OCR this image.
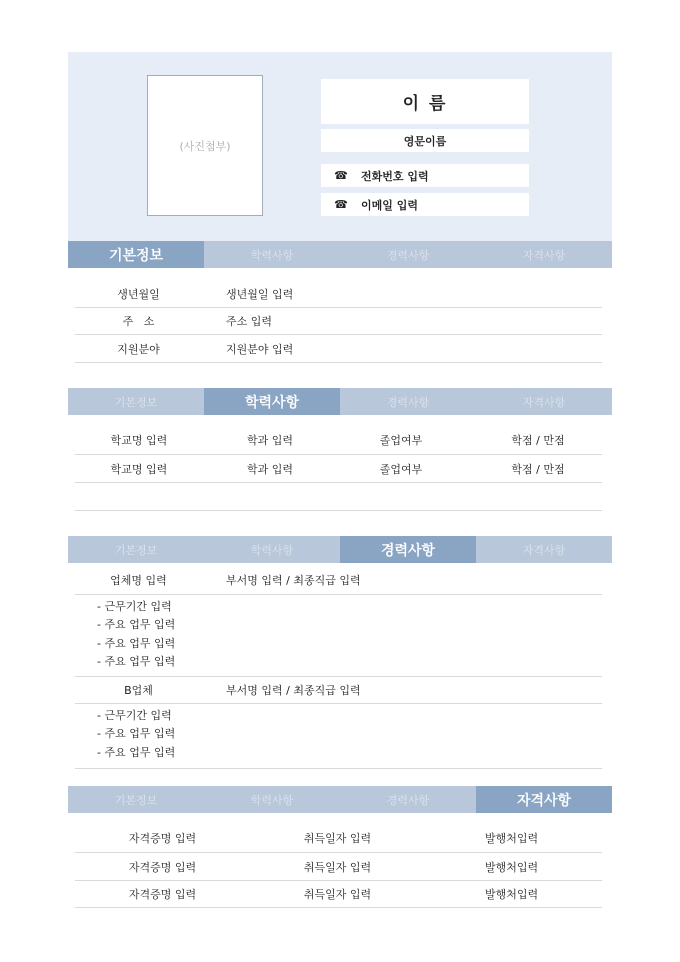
(사진첨부)
이 름
영문이름
☎	전화번호 입력
☎	이메일 입력
기본정보	학력사항	경력사항	자격사항
생년월일	생년월일 입력
주   소	주소 입력
지원분야	지원분야 입력
기본정보	학력사항	경력사항	자격사항
학교명 입력	학과 입력	졸업여부	학점 / 만점
학교명 입력	학과 입력	졸업여부	학점 / 만점
기본정보	학력사항	경력사항	자격사항
업체명 입력	부서명 입력 / 최종직급 입력
- 근무기간 입력
- 주요 업무 입력
- 주요 업무 입력
- 주요 업무 입력
B업체	부서명 입력 / 최종직급 입력
- 근무기간 입력
- 주요 업무 입력
- 주요 업무 입력
기본정보	학력사항	경력사항	자격사항
자격증명 입력	취득일자 입력	발행처입력
자격증명 입력	취득일자 입력	발행처입력
자격증명 입력	취득일자 입력	발행처입력
